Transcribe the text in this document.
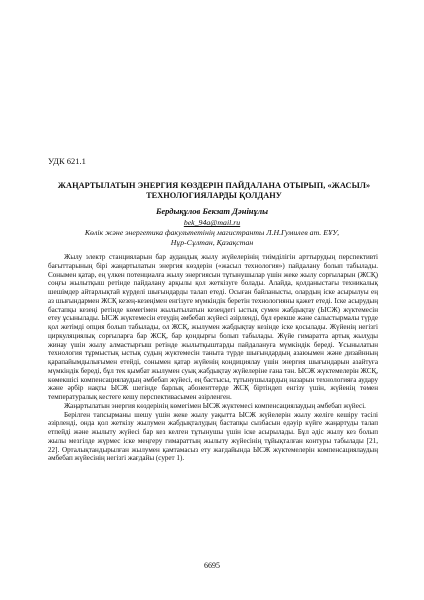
УДК 621.1
ЖАҢАРТЫЛАТЫН ЭНЕРГИЯ КӨЗДЕРІН ПАЙДАЛАНА ОТЫРЫП, «ЖАСЫЛ»
ТЕХНОЛОГИЯЛАРДЫ ҚОЛДАНУ
Бердықұлов Бекзат Дәнінұлы
bek_94a@mail.ru
Көлік және энергетика факультетінің магистранты Л.Н.Гумилев ат. ЕҰУ,
Нұр-Сұлтан, Қазақстан

Жылу электр станцияларын бар аудандық жылу жүйелерінің тиімділігін арттырудың перспективті бағыттарының бірі жаңартылатын энергия көздерін («жасыл технология») пайдалану болып табылады. Сонымен қатар, ең үлкен потенциалға жылу энергиясын тұтынушылар үшін жеке жылу сорғыларын (ЖСҚ) соңғы жылытқыш ретінде пайдалану арқылы қол жеткізуге болады. Алайда, қолданыстағы техникалық шешімдер айтарлықтай күрделі шығындарды талап етеді. Осыған байланысты, олардың іске асырылуы ең аз шығындармен ЖСҚ кезең-кезеңімен енгізуге мүмкіндік беретін технологияны қажет етеді. Іске асырудың бастапқы кезеңі ретінде көмегімен жылытылатын кезеңдегі ыстық сумен жабдықтау (ЫСЖ) жүктемесін етеу ұсынылады. ЫСЖ жүктемесін етеудің әмбебап жүйесі әзірленді, бұл ерекше және салыстырмалы түрде қол жетімді опция болып табылады, ол ЖСҚ, жылумен жабдықтау кезінде іске қосылады. Жүйенің негізгі циркуляциялық сорғыларға бар ЖСҚ, бар қондырғы болып табылады. Жүйе гимаратта артық жылуды жинау үшін жылу алмастырғыш ретінде жылытқыштарды пайдалануға мүмкіндік береді. Ұсынылатын технология тұрмыстық ыстық судың жүктемесін таныта түрде шығындардың азаюымен және дизайнның қарапайымдылығымен етейді, сонымен қатар жүйенің кондициялау үшін энергия шығындарын азайтуға мүмкіндік береді, бұл тек қымбат жылумен суық жабдықтау жүйелеріне ғана тән. ЫСЖ жүктемелерін ЖСҚ, көмекшісі компенсациялаудың әмбебап жүйесі, ең бастысы, тұтынушылардың назарын технологияға аудару және әрбір нақты ЫСЖ шегінде барлық абоненттерде ЖСҚ біртіндеп енгізу үшін, жүйенің төмен температуралық кестеге кешу перспективасымен әзірленген.

Жаңартылатын энергия көздерінің көмегімен ЫСЖ жүктемесі компенсациялаудың әмбебап жүйесі.

Берілген тапсырманы шешу үшін жеке жылу уақытта ЫСЖ жүйелерін жылу желіге кешіру тәсілі әзірленді, онда қол жеткізу жылумен жабдықталудың бастапқы сызбасын едәуір күйге жаңартуды талап етпейді және жылыту жүйесі бар кез келген тұтынушы үшін іске асырылады. Бұл әдіс жылу кез болып жылы мезгілде жүрмес іске меңгеру гимараттың жылыту жүйесінің тұйықталған контуры табылады [21, 22]. Орталықтандырылған жылумен қамтамасыз ету жағдайында ЫСЖ жүктемелерін компенсациялаудың әмбебап жүйесінің негізгі жағдайы (сурет 1).

6695
